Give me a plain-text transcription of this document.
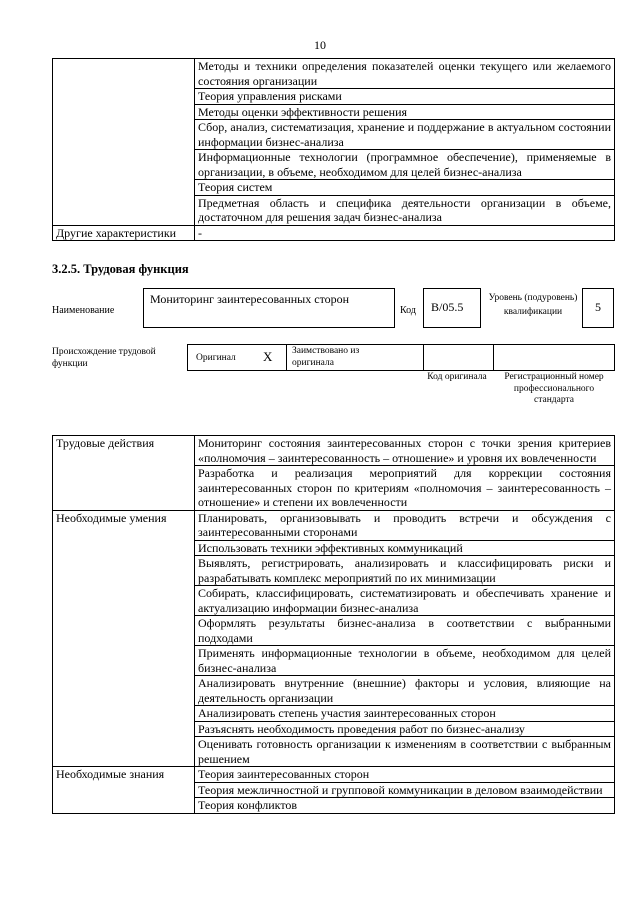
10
	Методы и техники определения показателей оценки текущего или желаемого состояния организации
	Теория управления рисками
	Методы оценки эффективности решения
	Сбор, анализ, систематизация, хранение и поддержание в актуальном состоянии информации бизнес-анализа
	Информационные технологии (программное обеспечение), применяемые в организации, в объеме, необходимом для целей бизнес-анализа
	Теория систем
	Предметная область и специфика деятельности организации в объеме, достаточном для решения задач бизнес-анализа
Другие характеристики	-
3.2.5. Трудовая функция
Наименование
Мониторинг заинтересованных сторон
Код	В/05.5
Уровень (подуровень) квалификации	5
Происхождение трудовой функции
Оригинал X Заимствовано из оригинала
Код оригинала	Регистрационный номер профессионального стандарта
Трудовые действия	Мониторинг состояния заинтересованных сторон с точки зрения критериев «полномочия – заинтересованность – отношение» и уровня их вовлеченности
	Разработка и реализация мероприятий для коррекции состояния заинтересованных сторон по критериям «полномочия – заинтересованность – отношение» и степени их вовлеченности
Необходимые умения	Планировать, организовывать и проводить встречи и обсуждения с заинтересованными сторонами
	Использовать техники эффективных коммуникаций
	Выявлять, регистрировать, анализировать и классифицировать риски и разрабатывать комплекс мероприятий по их минимизации
	Собирать, классифицировать, систематизировать и обеспечивать хранение и актуализацию информации бизнес-анализа
	Оформлять результаты бизнес-анализа в соответствии с выбранными подходами
	Применять информационные технологии в объеме, необходимом для целей бизнес-анализа
	Анализировать внутренние (внешние) факторы и условия, влияющие на деятельность организации
	Анализировать степень участия заинтересованных сторон
	Разъяснять необходимость проведения работ по бизнес-анализу
	Оценивать готовность организации к изменениям в соответствии с выбранным решением
Необходимые знания	Теория заинтересованных сторон
	Теория межличностной и групповой коммуникации в деловом взаимодействии
	Теория конфликтов
